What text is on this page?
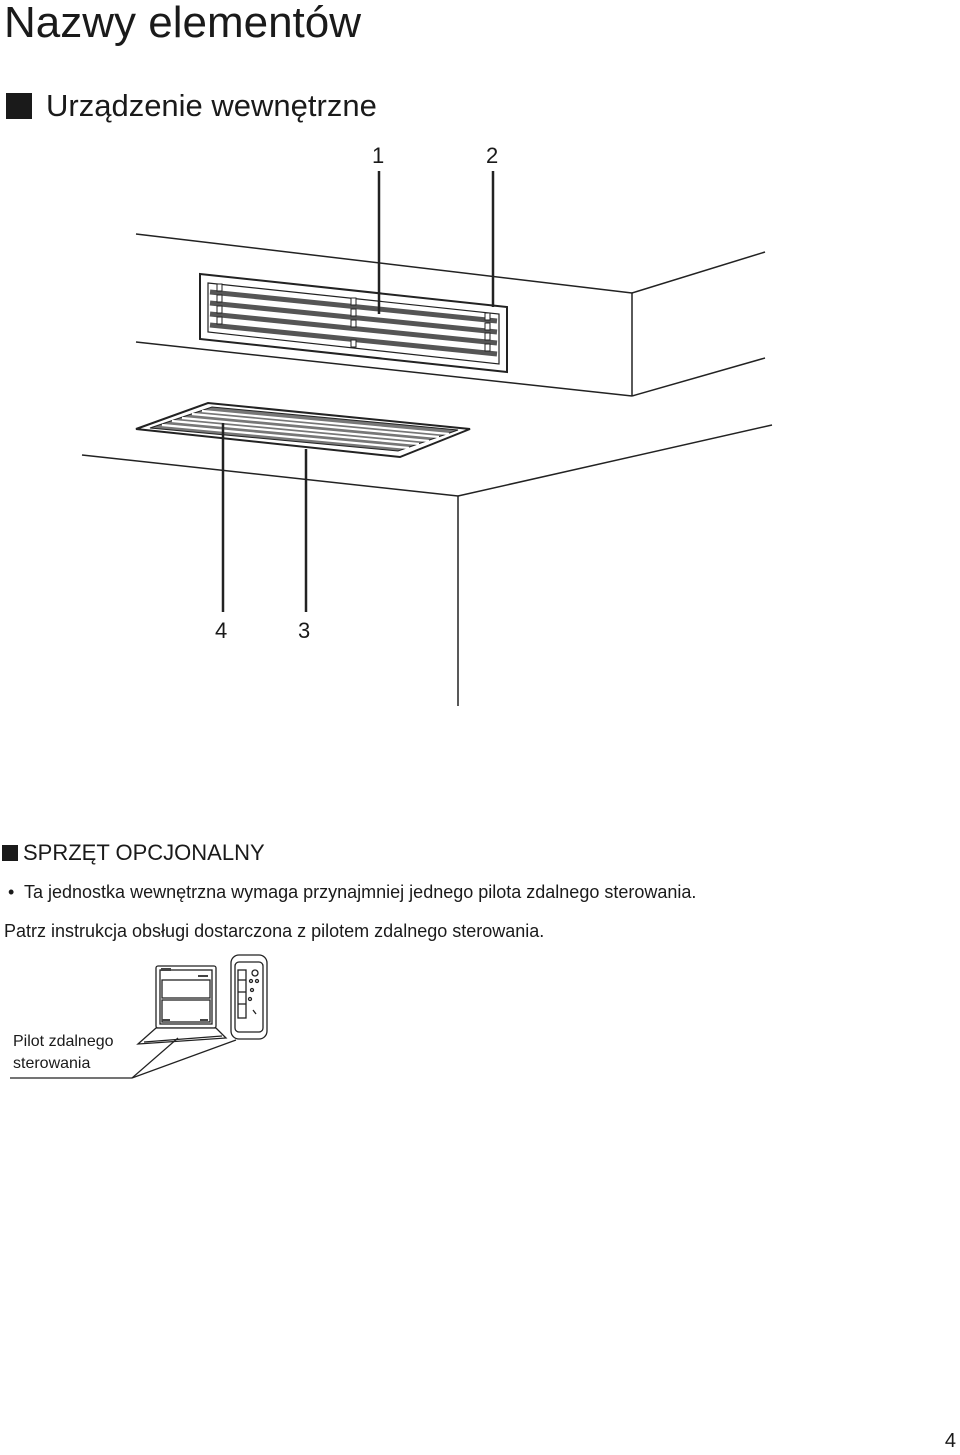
Nazwy elementów
Urządzenie wewnętrzne
1	2
3
4
SPRZĘT OPCJONALNY
• Ta jednostka wewnętrzna wymaga przynajmniej jednego pilota zdalnego sterowania.
Patrz instrukcja obsługi dostarczona z pilotem zdalnego sterowania.
Pilot zdalnego
sterowania
4
